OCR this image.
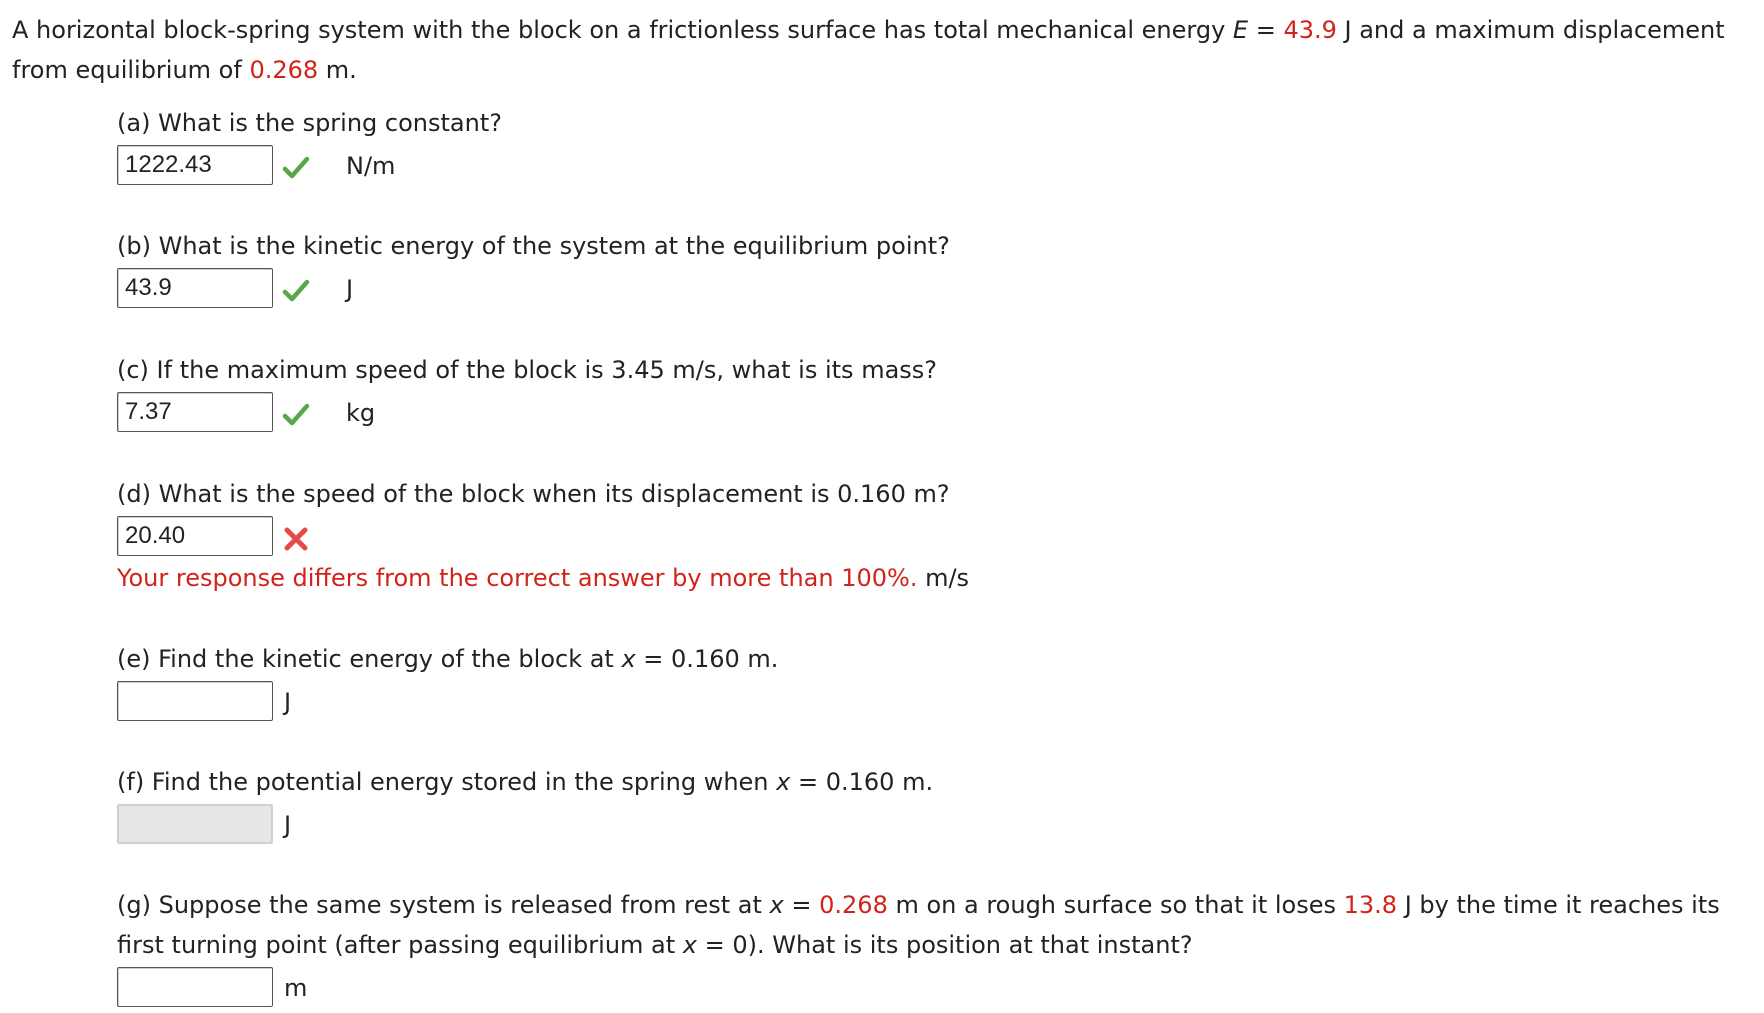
A horizontal block-spring system with the block on a frictionless surface has total mechanical energy E = 43.9 J and a maximum displacement from equilibrium of 0.268 m.
(a) What is the spring constant?
1222.43
N/m
(b) What is the kinetic energy of the system at the equilibrium point?
43.9
J
(c) If the maximum speed of the block is 3.45 m/s, what is its mass?
7.37
kg
(d) What is the speed of the block when its displacement is 0.160 m?
20.40
Your response differs from the correct answer by more than 100%. m/s
(e) Find the kinetic energy of the block at x = 0.160 m.
J
(f) Find the potential energy stored in the spring when x = 0.160 m.
J
(g) Suppose the same system is released from rest at x = 0.268 m on a rough surface so that it loses 13.8 J by the time it reaches its first turning point (after passing equilibrium at x = 0). What is its position at that instant?
m
